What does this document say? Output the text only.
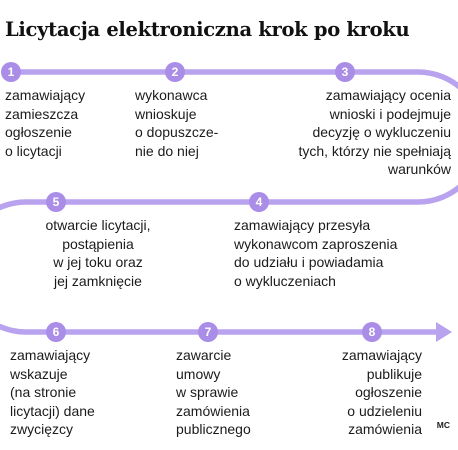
Licytacja elektroniczna krok po kroku
1	2	3
4
5
6	7	8
zamawiający
zamieszcza
ogłoszenie
o licytacji
wykonawca
wnioskuje
o dopuszcze-
nie do niej
zamawiający ocenia
wnioski i podejmuje
decyzję o wykluczeniu
tych, którzy nie spełniają
warunków
zamawiający przesyła
wykonawcom zaproszenia
do udziału i powiadamia
o wykluczeniach
otwarcie licytacji,
postąpienia
w jej toku oraz
jej zamknięcie
zamawiający
wskazuje
(na stronie
licytacji) dane
zwycięzcy
zawarcie
umowy
w sprawie
zamówienia
publicznego
zamawiający
publikuje
ogłoszenie
o udzieleniu
zamówienia MC
